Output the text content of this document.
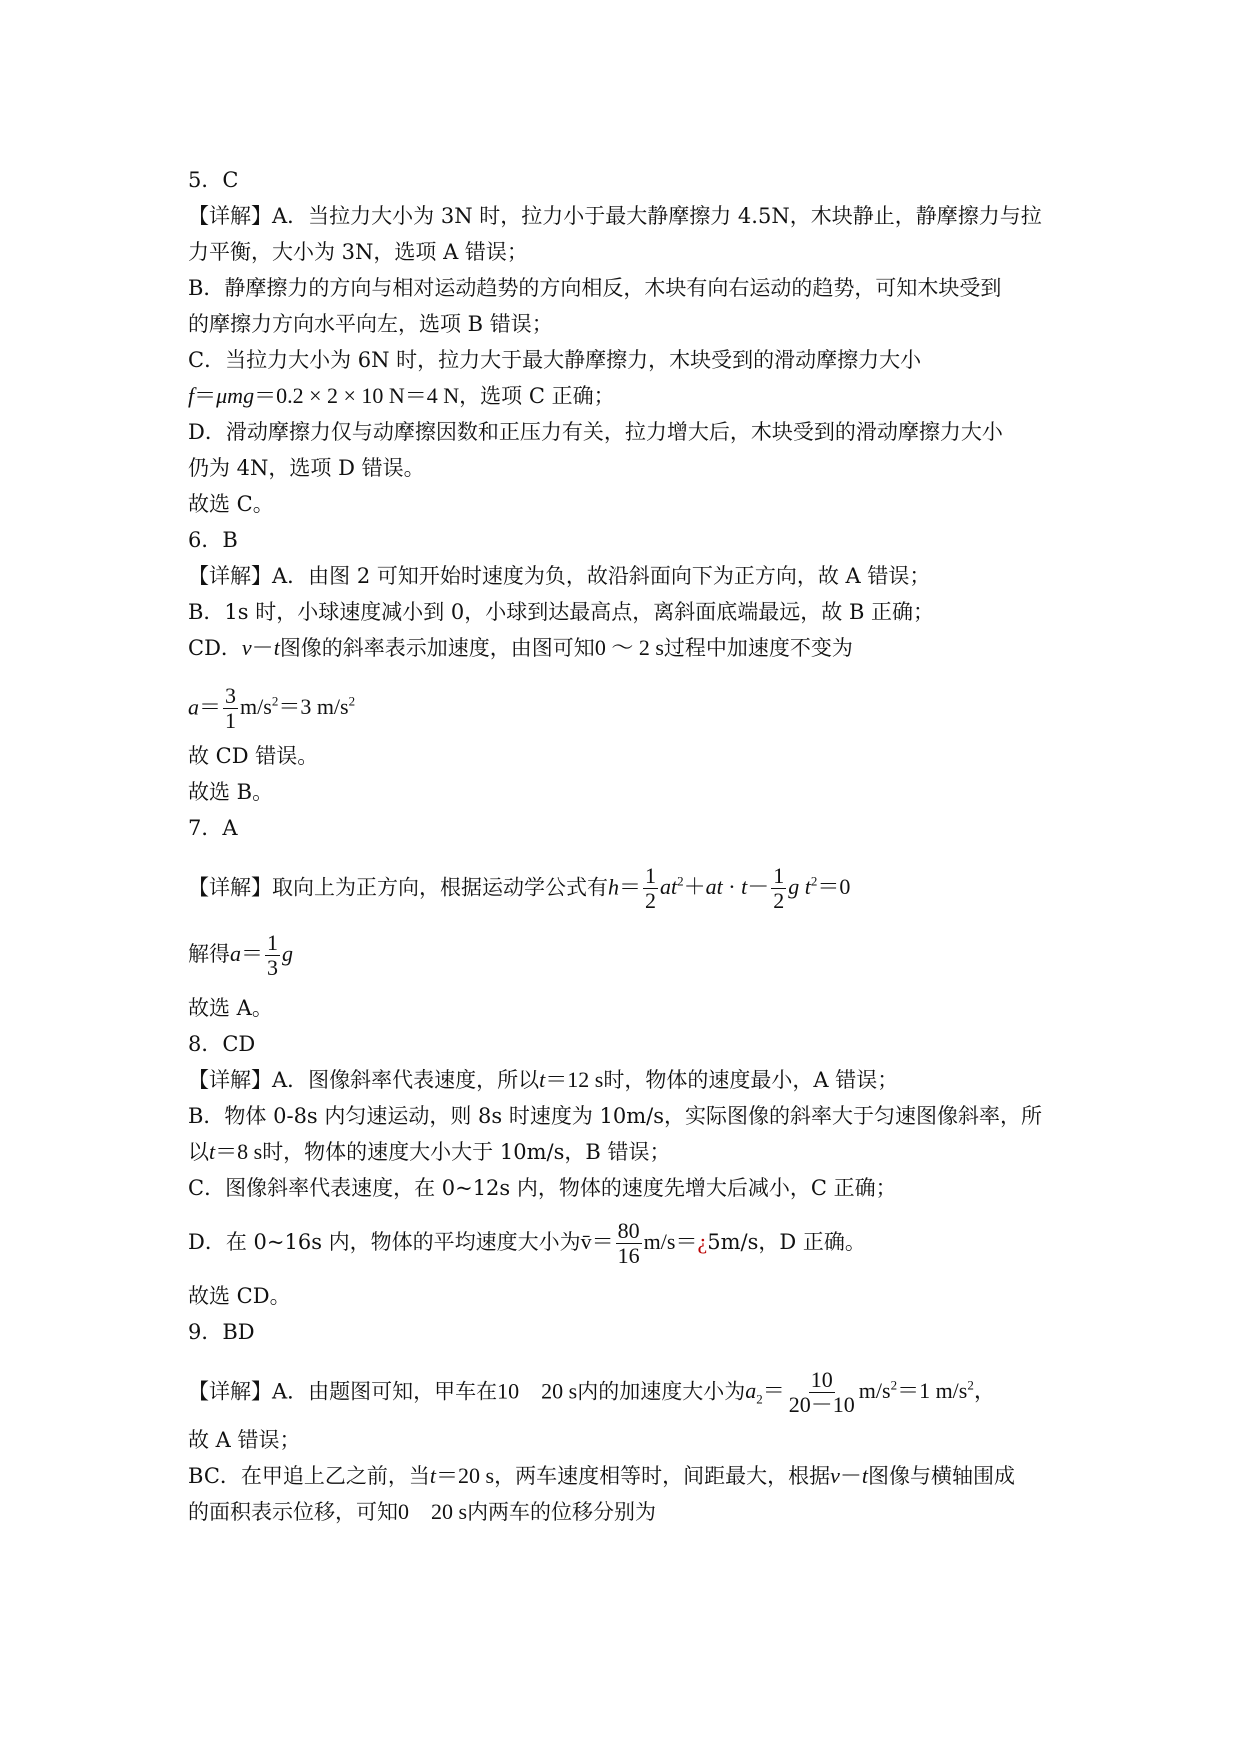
5．C
【详解】A．当拉力大小为 3N 时，拉力小于最大静摩擦力 4.5N，木块静止，静摩擦力与拉
力平衡，大小为 3N，选项 A 错误；
B．静摩擦力的方向与相对运动趋势的方向相反，木块有向右运动的趋势，可知木块受到
的摩擦力方向水平向左，选项 B 错误；
C．当拉力大小为 6N 时，拉力大于最大静摩擦力，木块受到的滑动摩擦力大小
f＝μmg＝0.2 × 2 × 10 N＝4 N，选项 C 正确；
D．滑动摩擦力仅与动摩擦因数和正压力有关，拉力增大后，木块受到的滑动摩擦力大小
仍为 4N，选项 D 错误。
故选 C。
6．B
【详解】A．由图 2 可知开始时速度为负，故沿斜面向下为正方向，故 A 错误；
B．1s 时，小球速度减小到 0，小球到达最高点，离斜面底端最远，故 B 正确；
CD．v－t图像的斜率表示加速度，由图可知0 ～ 2 s过程中加速度不变为
$a= \frac{3}{1} m/s^2=3$ $m/s^2$
故 CD 错误。
故选 B。
7．A
【详解】取向上为正方向，根据运动学公式有$h= \frac{1}{2} at^2+at \cdot t- \frac{1}{2}$ g $t^2=0$
解得$a= \frac{1}{3}$ g
故选 A。
8．CD
【详解】A．图像斜率代表速度，所以t＝12 s时，物体的速度最小，A 错误；
B．物体 0-8s 内匀速运动，则 8s 时速度为 10m/s，实际图像的斜率大于匀速图像斜率，所
以t＝8 s时，物体的速度大小大于 10m/s，B 错误；
C．图像斜率代表速度，在 0~12s 内，物体的速度先增大后减小，C 正确；
D．在 0~16s 内，物体的平均速度大小为v̄＝ $\frac{80}{16}$ m/s＝¿5m/s，D 正确。
故选 CD。
9．BD
【详解】A．由题图可知，甲车在10　20 s内的加速度大小为$a_2= \frac{10}{20-10} m/s^2=1$ $m/s^2$，
故 A 错误；
BC．在甲追上乙之前，当t＝20 s，两车速度相等时，间距最大，根据v－t图像与横轴围成
的面积表示位移，可知0　20 s内两车的位移分别为
